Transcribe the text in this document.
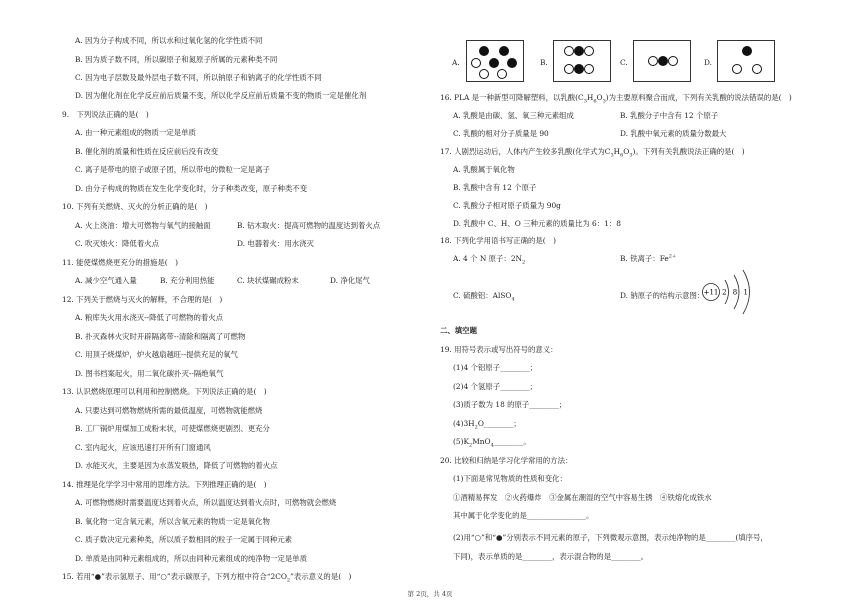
A. 因为分子构成不同，所以水和过氧化氢的化学性质不同
B. 因为质子数不同，所以碳原子和氮原子所属的元素种类不同
C. 因为电子层数及最外层电子数不同，所以钠原子和钠离子的化学性质不同
D. 因为催化剂在化学反应前后质量不变，所以化学反应前后质量不变的物质一定是催化剂
9.　下列说法正确的是(　)
A. 由一种元素组成的物质一定是单质
B. 催化剂的质量和性质在反应前后没有改变
C. 离子是带电的原子或原子团，所以带电的微粒一定是离子
D. 由分子构成的物质在发生化学变化时，分子种类改变，原子种类不变
10. 下列有关燃烧、灭火的分析正确的是(　)
A. 火上浇油：增大可燃物与氧气的接触面	B. 钻木取火：提高可燃物的温度达到着火点
C. 吹灭烛火：降低着火点	D. 电器着火：用水浇灭
11. 能使煤燃烧更充分的措施是(　)
A. 减少空气通入量	B. 充分利用热能	C. 块状煤碾成粉末	D. 净化尾气
12. 下列关于燃烧与灭火的解释，不合理的是(　)
A. 粮库失火用水浇灭--降低了可燃物的着火点
B. 扑灭森林火灾时开辟隔离带--清除和隔离了可燃物
C. 用顶子烧煤炉，炉火越扇越旺--提供充足的氧气
D. 图书档案起火，用二氧化碳扑灭--隔绝氧气
13. 认识燃烧原理可以利用和控制燃烧。下列说法正确的是(　)
A. 只要达到可燃物燃烧所需的最低温度，可燃物就能燃烧
B. 工厂锅炉用煤加工成粉末状，可使煤燃烧更剧烈、更充分
C. 室内起火，应该迅速打开所有门窗通风
D. 水能灭火，主要是因为水蒸发吸热，降低了可燃物的着火点
14. 推理是化学学习中常用的思维方法。下列推理正确的是(　)
A. 可燃物燃烧时需要温度达到着火点，所以温度达到着火点时，可燃物就会燃烧
B. 氧化物一定含氧元素，所以含氧元素的物质一定是氧化物
C. 质子数决定元素种类，所以质子数相同的粒子一定属于同种元素
D. 单质是由同种元素组成的，所以由同种元素组成的纯净物一定是单质
15. 若用“●”表示氢原子、用“○”表示碳原子，下列方框中符合“$2CO_2$”表示意义的是(　)
A.	B.	C.	D.
16. PLA 是一种新型可降解塑料，以乳酸$(C_3H_6O_3)$为主要原料聚合而成，下列有关乳酸的说法错误的是(　)
A. 乳酸是由碳、氢、氧三种元素组成	B. 乳酸分子中含有 12 个原子
C. 乳酸的相对分子质量是 90	D. 乳酸中氧元素的质量分数最大
17. 人剧烈运动后，人体内产生较多乳酸(化学式为$C_3H_6O_3$)。下列有关乳酸说法正确的是(　)
A. 乳酸属于氧化物
B. 乳酸中含有 12 个原子
C. 乳酸分子相对原子质量为 90g
D. 乳酸中 C、H、O 三种元素的质量比为 6：1：8
18. 下列化学用语书写正确的是(　)
A. 4 个 N 原子：$2N_2$	B. 铁离子：$Fe^{2+}$
C. 硫酸铝：AlSO$_4$	D. 钠原子的结构示意图：
二、填空题
19. 用符号表示或写出符号的意义：
(1)4 个铝原子________；
(2)4 个氢原子________；
(3)质子数为 18 的原子________；
$(4)3H_2O\_\_\_\_\_\_\_\_$；
$(5)K_2MnO_4\_\_\_\_\_\_\_\_$。
20. 比较和归纳是学习化学常用的方法：
(1)下面是常见物质的性质和变化：
①酒精易挥发　②火药爆炸　③金属在潮湿的空气中容易生锈　④铁熔化成铁水
其中属于化学变化的是________________。
(2)用“○”和“●”分别表示不同元素的原子，下列微观示意图，表示纯净物的是________(填序号，
下同)，表示单质的是________，表示混合物的是________。
+11 2 8 1
第 2页，共 4页
